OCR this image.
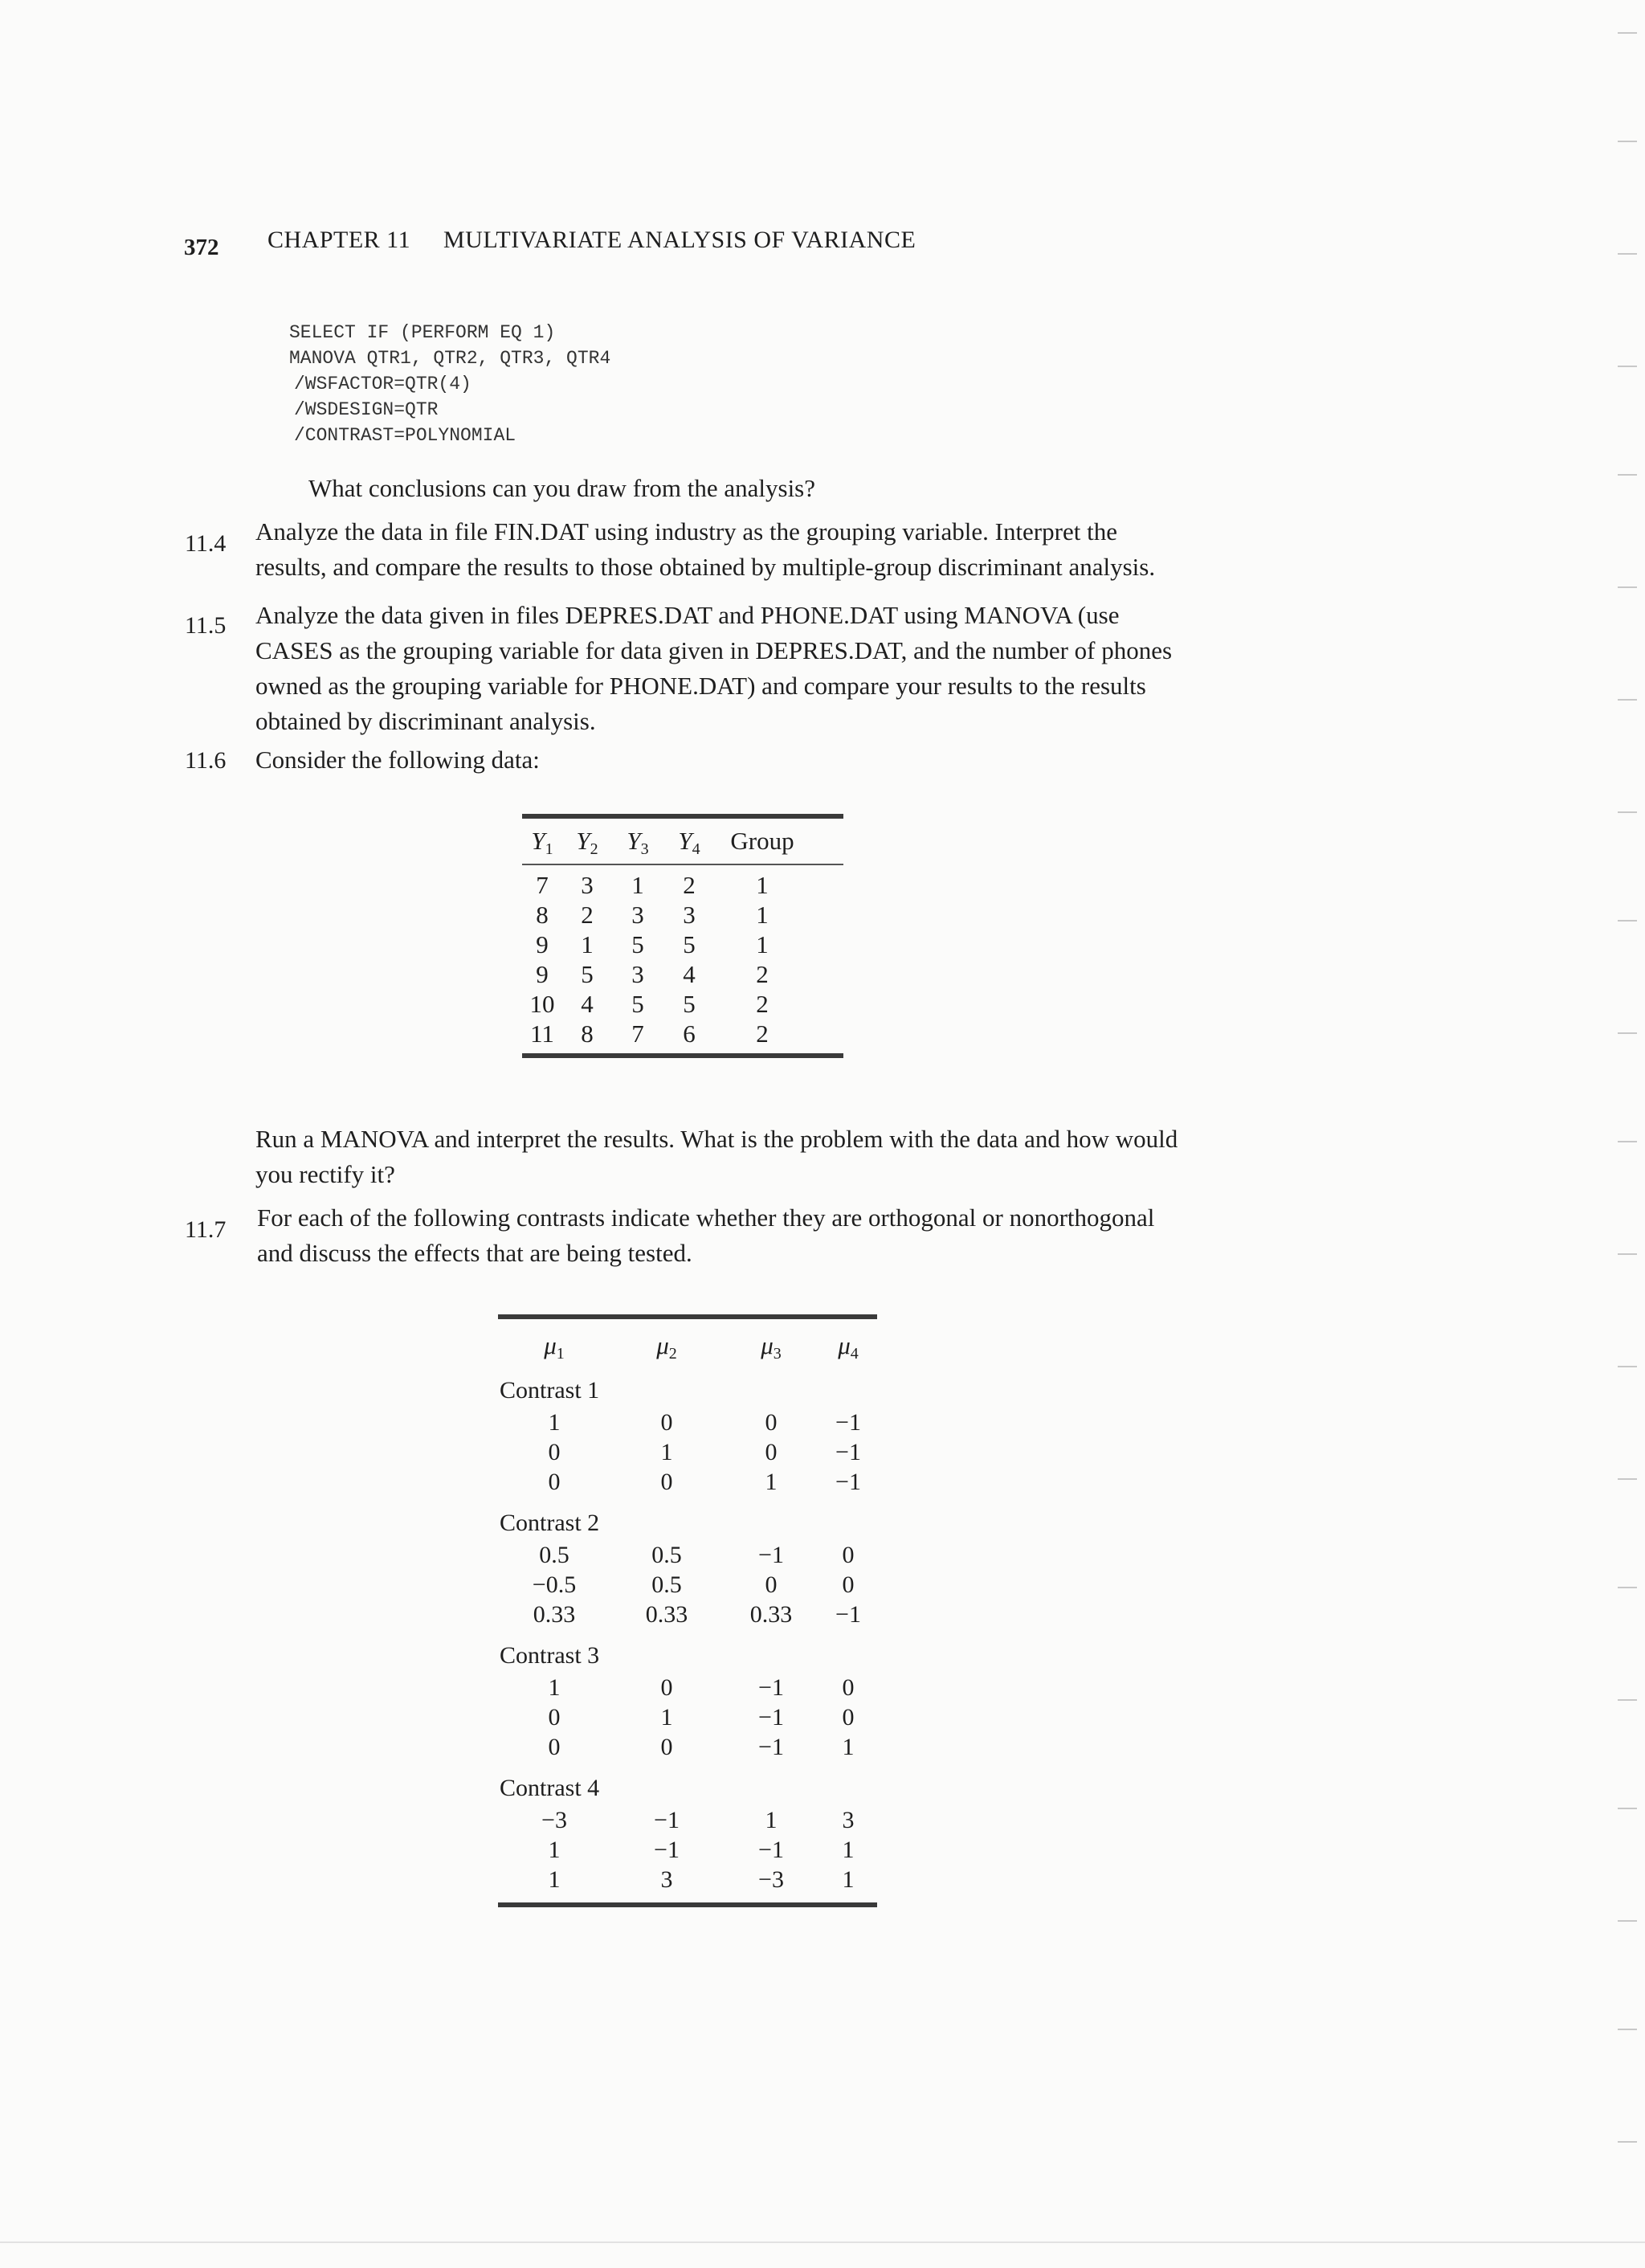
372 CHAPTER 11 MULTIVARIATE ANALYSIS OF VARIANCE
SELECT IF (PERFORM EQ 1)
MANOVA QTR1, QTR2, QTR3, QTR4
/WSFACTOR=QTR(4)
/WSDESIGN=QTR
/CONTRAST=POLYNOMIAL
What conclusions can you draw from the analysis?
11.4 Analyze the data in file FIN.DAT using industry as the grouping variable. Interpret the results, and compare the results to those obtained by multiple-group discriminant analysis.
11.5 Analyze the data given in files DEPRES.DAT and PHONE.DAT using MANOVA (use CASES as the grouping variable for data given in DEPRES.DAT, and the number of phones owned as the grouping variable for PHONE.DAT) and compare your results to the results obtained by discriminant analysis.
11.6 Consider the following data:
$Y_1$ $Y_2$	$Y_3$	$Y_4$	Group
7	3	1	2	1
8	2	3	3	1
9	1	5	5	1
9	5	3	4	2
10	4	5	5	2
11	8	7	6	2
Run a MANOVA and interpret the results. What is the problem with the data and how would you rectify it?
11.7 For each of the following contrasts indicate whether they are orthogonal or nonorthogonal and discuss the effects that are being tested.
$\mu_1$	$\mu_2$	$\mu_3$	$\mu_4$
Contrast 1
1	0	0	−1
0	1	0	−1
0	0	1	−1
Contrast 2
0.5	0.5	−1	0
−0.5	0.5	0	0
0.33	0.33	0.33	−1
Contrast 3
1	0	−1	0
0	1	−1	0
0	0	−1	1
Contrast 4
−3	−1	1	3
1	−1	−1	1
1	3	−3	1
